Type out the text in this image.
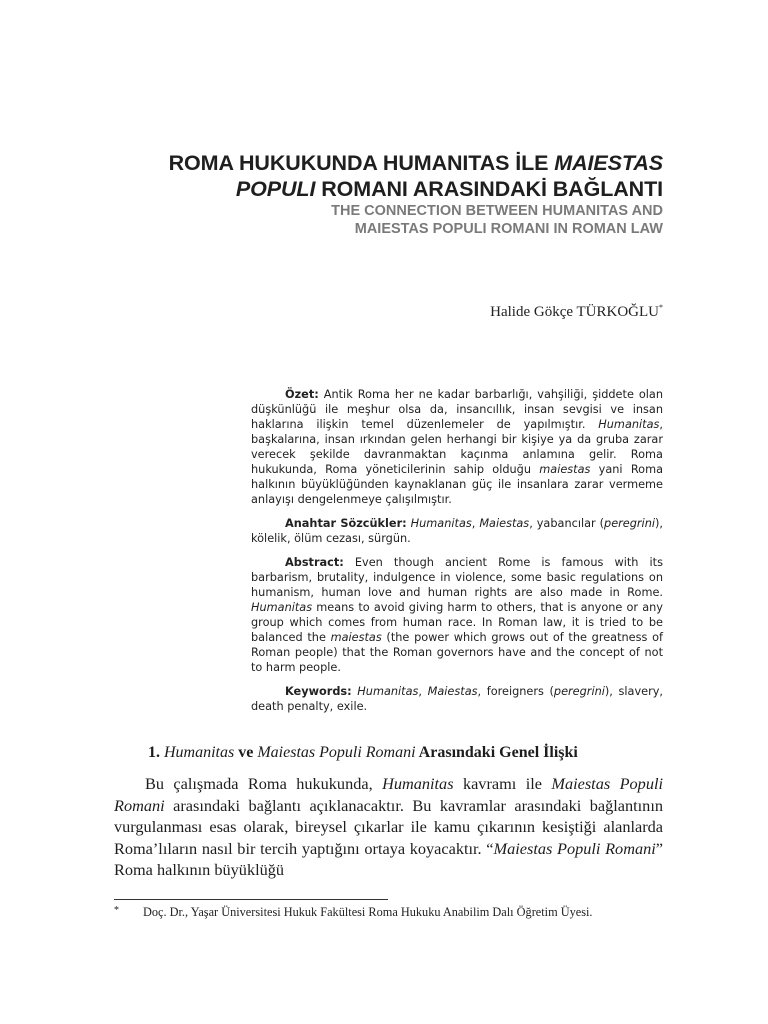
ROMA HUKUKUNDA HUMANITAS İLE MAIESTAS
POPULI ROMANI ARASINDAKİ BAĞLANTI
THE CONNECTION BETWEEN HUMANITAS AND
MAIESTAS POPULI ROMANI IN ROMAN LAW
Halide Gökçe TÜRKOĞLU*

Özet: Antik Roma her ne kadar barbarlığı, vahşiliği, şiddete olan düşkünlüğü ile meşhur olsa da, insancıllık, insan sevgisi ve insan haklarına ilişkin temel düzenlemeler de yapılmıştır. Humanitas, başkalarına, insan ırkından gelen herhangi bir kişiye ya da gruba zarar verecek şekilde davranmaktan kaçınma anlamına gelir. Roma hukukunda, Roma yöneticilerinin sahip olduğu maiestas yani Roma halkının büyüklüğünden kaynaklanan güç ile insanlara zarar vermeme anlayışı dengelenmeye çalışılmıştır.

Anahtar Sözcükler: Humanitas, Maiestas, yabancılar (peregrini), kölelik, ölüm cezası, sürgün.

Abstract: Even though ancient Rome is famous with its barbarism, brutality, indulgence in violence, some basic regulations on humanism, human love and human rights are also made in Rome. Humanitas means to avoid giving harm to others, that is anyone or any group which comes from human race. In Roman law, it is tried to be balanced the maiestas (the power which grows out of the greatness of Roman people) that the Roman governors have and the concept of not to harm people.

Keywords: Humanitas, Maiestas, foreigners (peregrini), slavery, death penalty, exile.

1. Humanitas ve Maiestas Populi Romani Arasındaki Genel İlişki

Bu çalışmada Roma hukukunda, Humanitas kavramı ile Maiestas Populi Romani arasındaki bağlantı açıklanacaktır. Bu kavramlar arasındaki bağlantının vurgulanması esas olarak, bireysel çıkarlar ile kamu çıkarının kesiştiği alanlarda Roma’lıların nasıl bir tercih yaptığını ortaya koyacaktır. “Maiestas Populi Romani” Roma halkının büyüklüğü

* Doç. Dr., Yaşar Üniversitesi Hukuk Fakültesi Roma Hukuku Anabilim Dalı Öğretim Üyesi.
